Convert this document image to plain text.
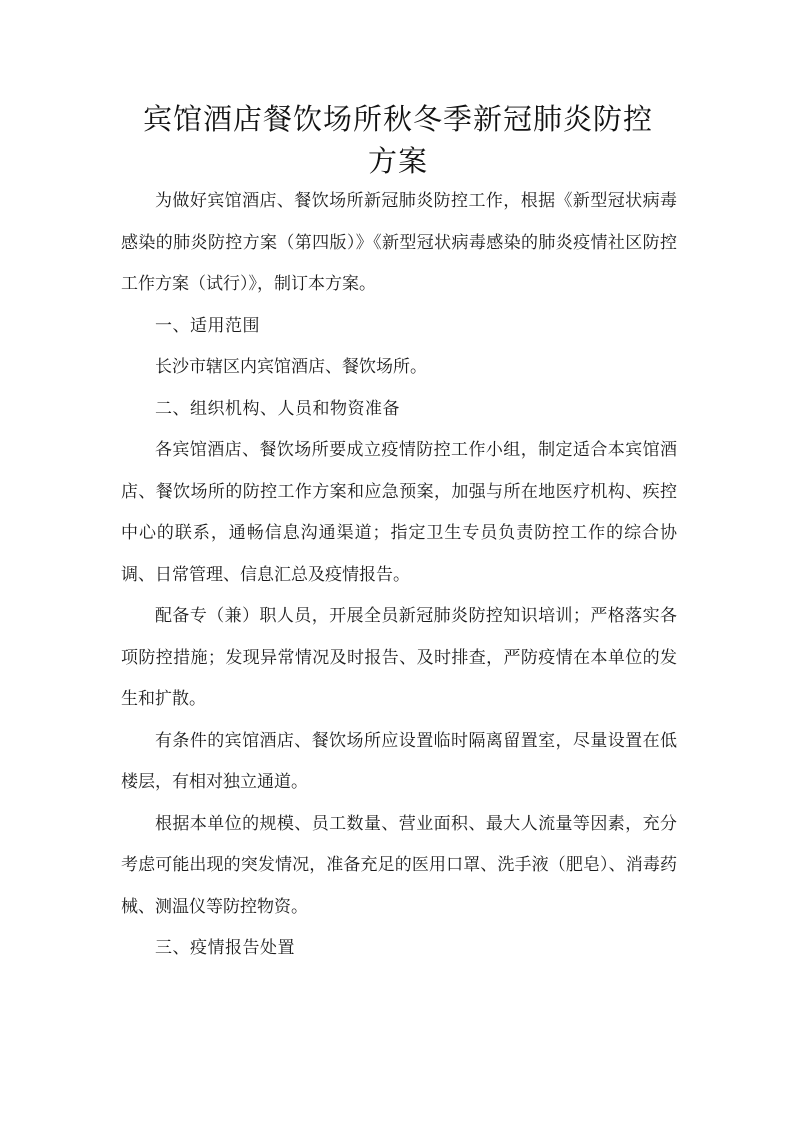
宾馆酒店餐饮场所秋冬季新冠肺炎防控
方案

为做好宾馆酒店、餐饮场所新冠肺炎防控工作，根据《新型冠状病毒感染的肺炎防控方案（第四版）》《新型冠状病毒感染的肺炎疫情社区防控工作方案（试行）》，制订本方案。

一、适用范围

长沙市辖区内宾馆酒店、餐饮场所。

二、组织机构、人员和物资准备

各宾馆酒店、餐饮场所要成立疫情防控工作小组，制定适合本宾馆酒店、餐饮场所的防控工作方案和应急预案，加强与所在地医疗机构、疾控中心的联系，通畅信息沟通渠道；指定卫生专员负责防控工作的综合协调、日常管理、信息汇总及疫情报告。

配备专（兼）职人员，开展全员新冠肺炎防控知识培训；严格落实各项防控措施；发现异常情况及时报告、及时排查，严防疫情在本单位的发生和扩散。

有条件的宾馆酒店、餐饮场所应设置临时隔离留置室，尽量设置在低楼层，有相对独立通道。

根据本单位的规模、员工数量、营业面积、最大人流量等因素，充分考虑可能出现的突发情况，准备充足的医用口罩、洗手液（肥皂）、消毒药械、测温仪等防控物资。

三、疫情报告处置
